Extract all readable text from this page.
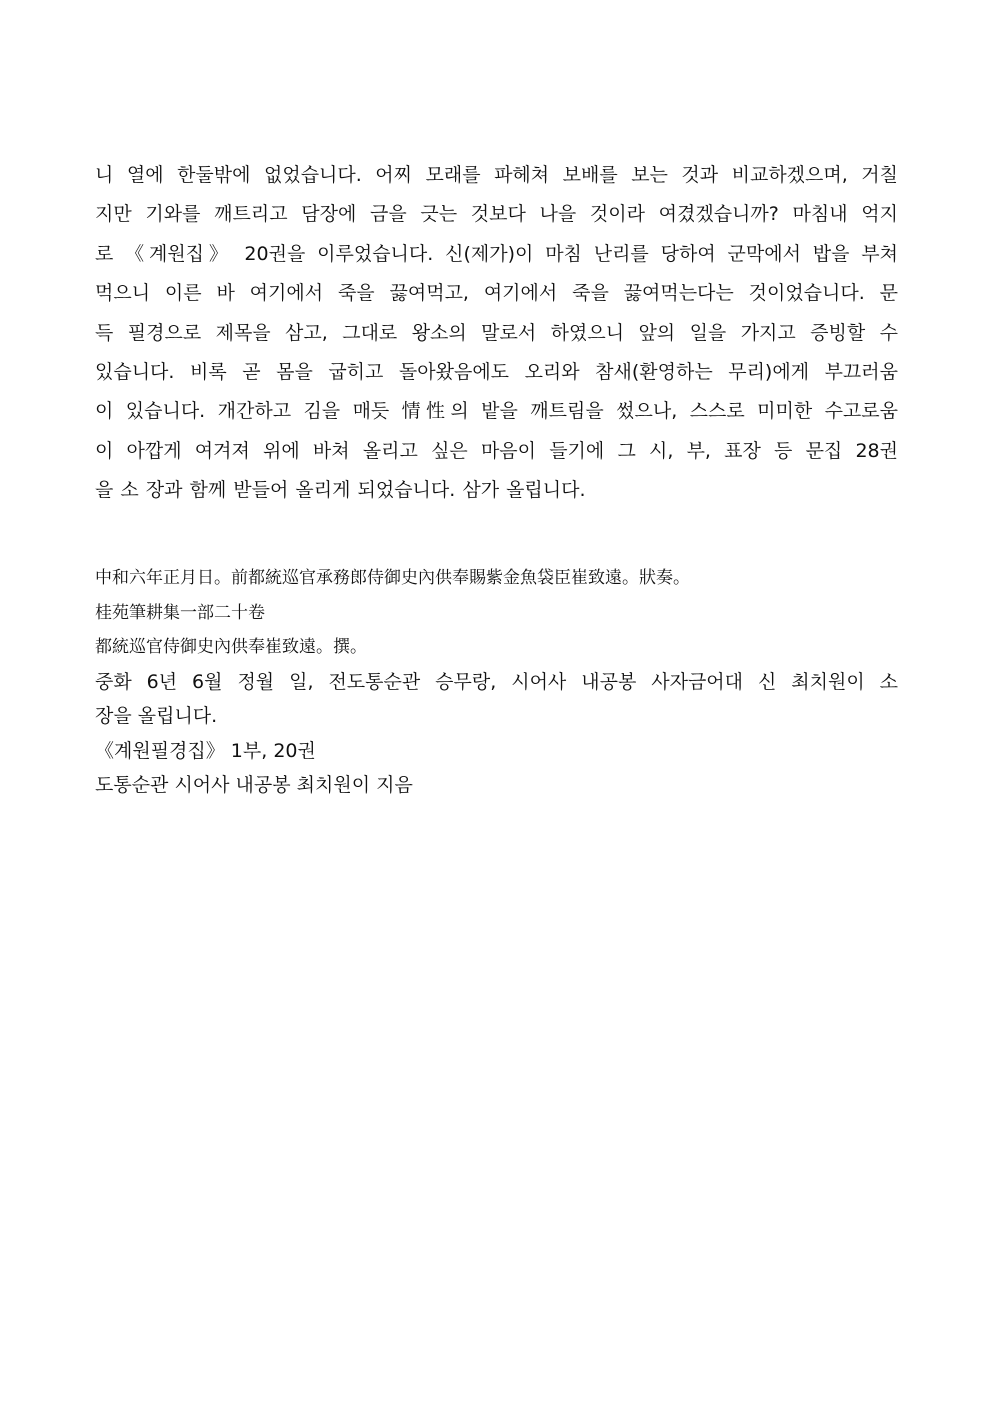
니 열에 한둘밖에 없었습니다. 어찌 모래를 파헤쳐 보배를 보는 것과 비교하겠으며, 거칠
지만 기와를 깨트리고 담장에 금을 긋는 것보다 나을 것이라 여겼겠습니까? 마침내 억지
로 《계원집》 20권을 이루었습니다. 신(제가)이 마침 난리를 당하여 군막에서 밥을 부쳐
먹으니 이른 바 여기에서 죽을 끓여먹고, 여기에서 죽을 끓여먹는다는 것이었습니다. 문
득 필경으로 제목을 삼고, 그대로 왕소의 말로서 하였으니 앞의 일을 가지고 증빙할 수
있습니다. 비록 곧 몸을 굽히고 돌아왔음에도 오리와 참새(환영하는 무리)에게 부끄러움
이 있습니다. 개간하고 김을 매듯 情性의 밭을 깨트림을 썼으나, 스스로 미미한 수고로움
이 아깝게 여겨져 위에 바쳐 올리고 싶은 마음이 들기에 그 시, 부, 표장 등 문집 28권
을 소 장과 함께 받들어 올리게 되었습니다. 삼가 올립니다.
中和六年正月日。前都統巡官承務郎侍御史內供奉賜紫金魚袋臣崔致遠。狀奏。
桂苑筆耕集一部二十卷
都統巡官侍御史內供奉崔致遠。撰。
중화 6년 6월 정월 일, 전도통순관 승무랑, 시어사 내공봉 사자금어대 신 최치원이 소
장을 올립니다.
《계원필경집》 1부, 20권
도통순관 시어사 내공봉 최치원이 지음
